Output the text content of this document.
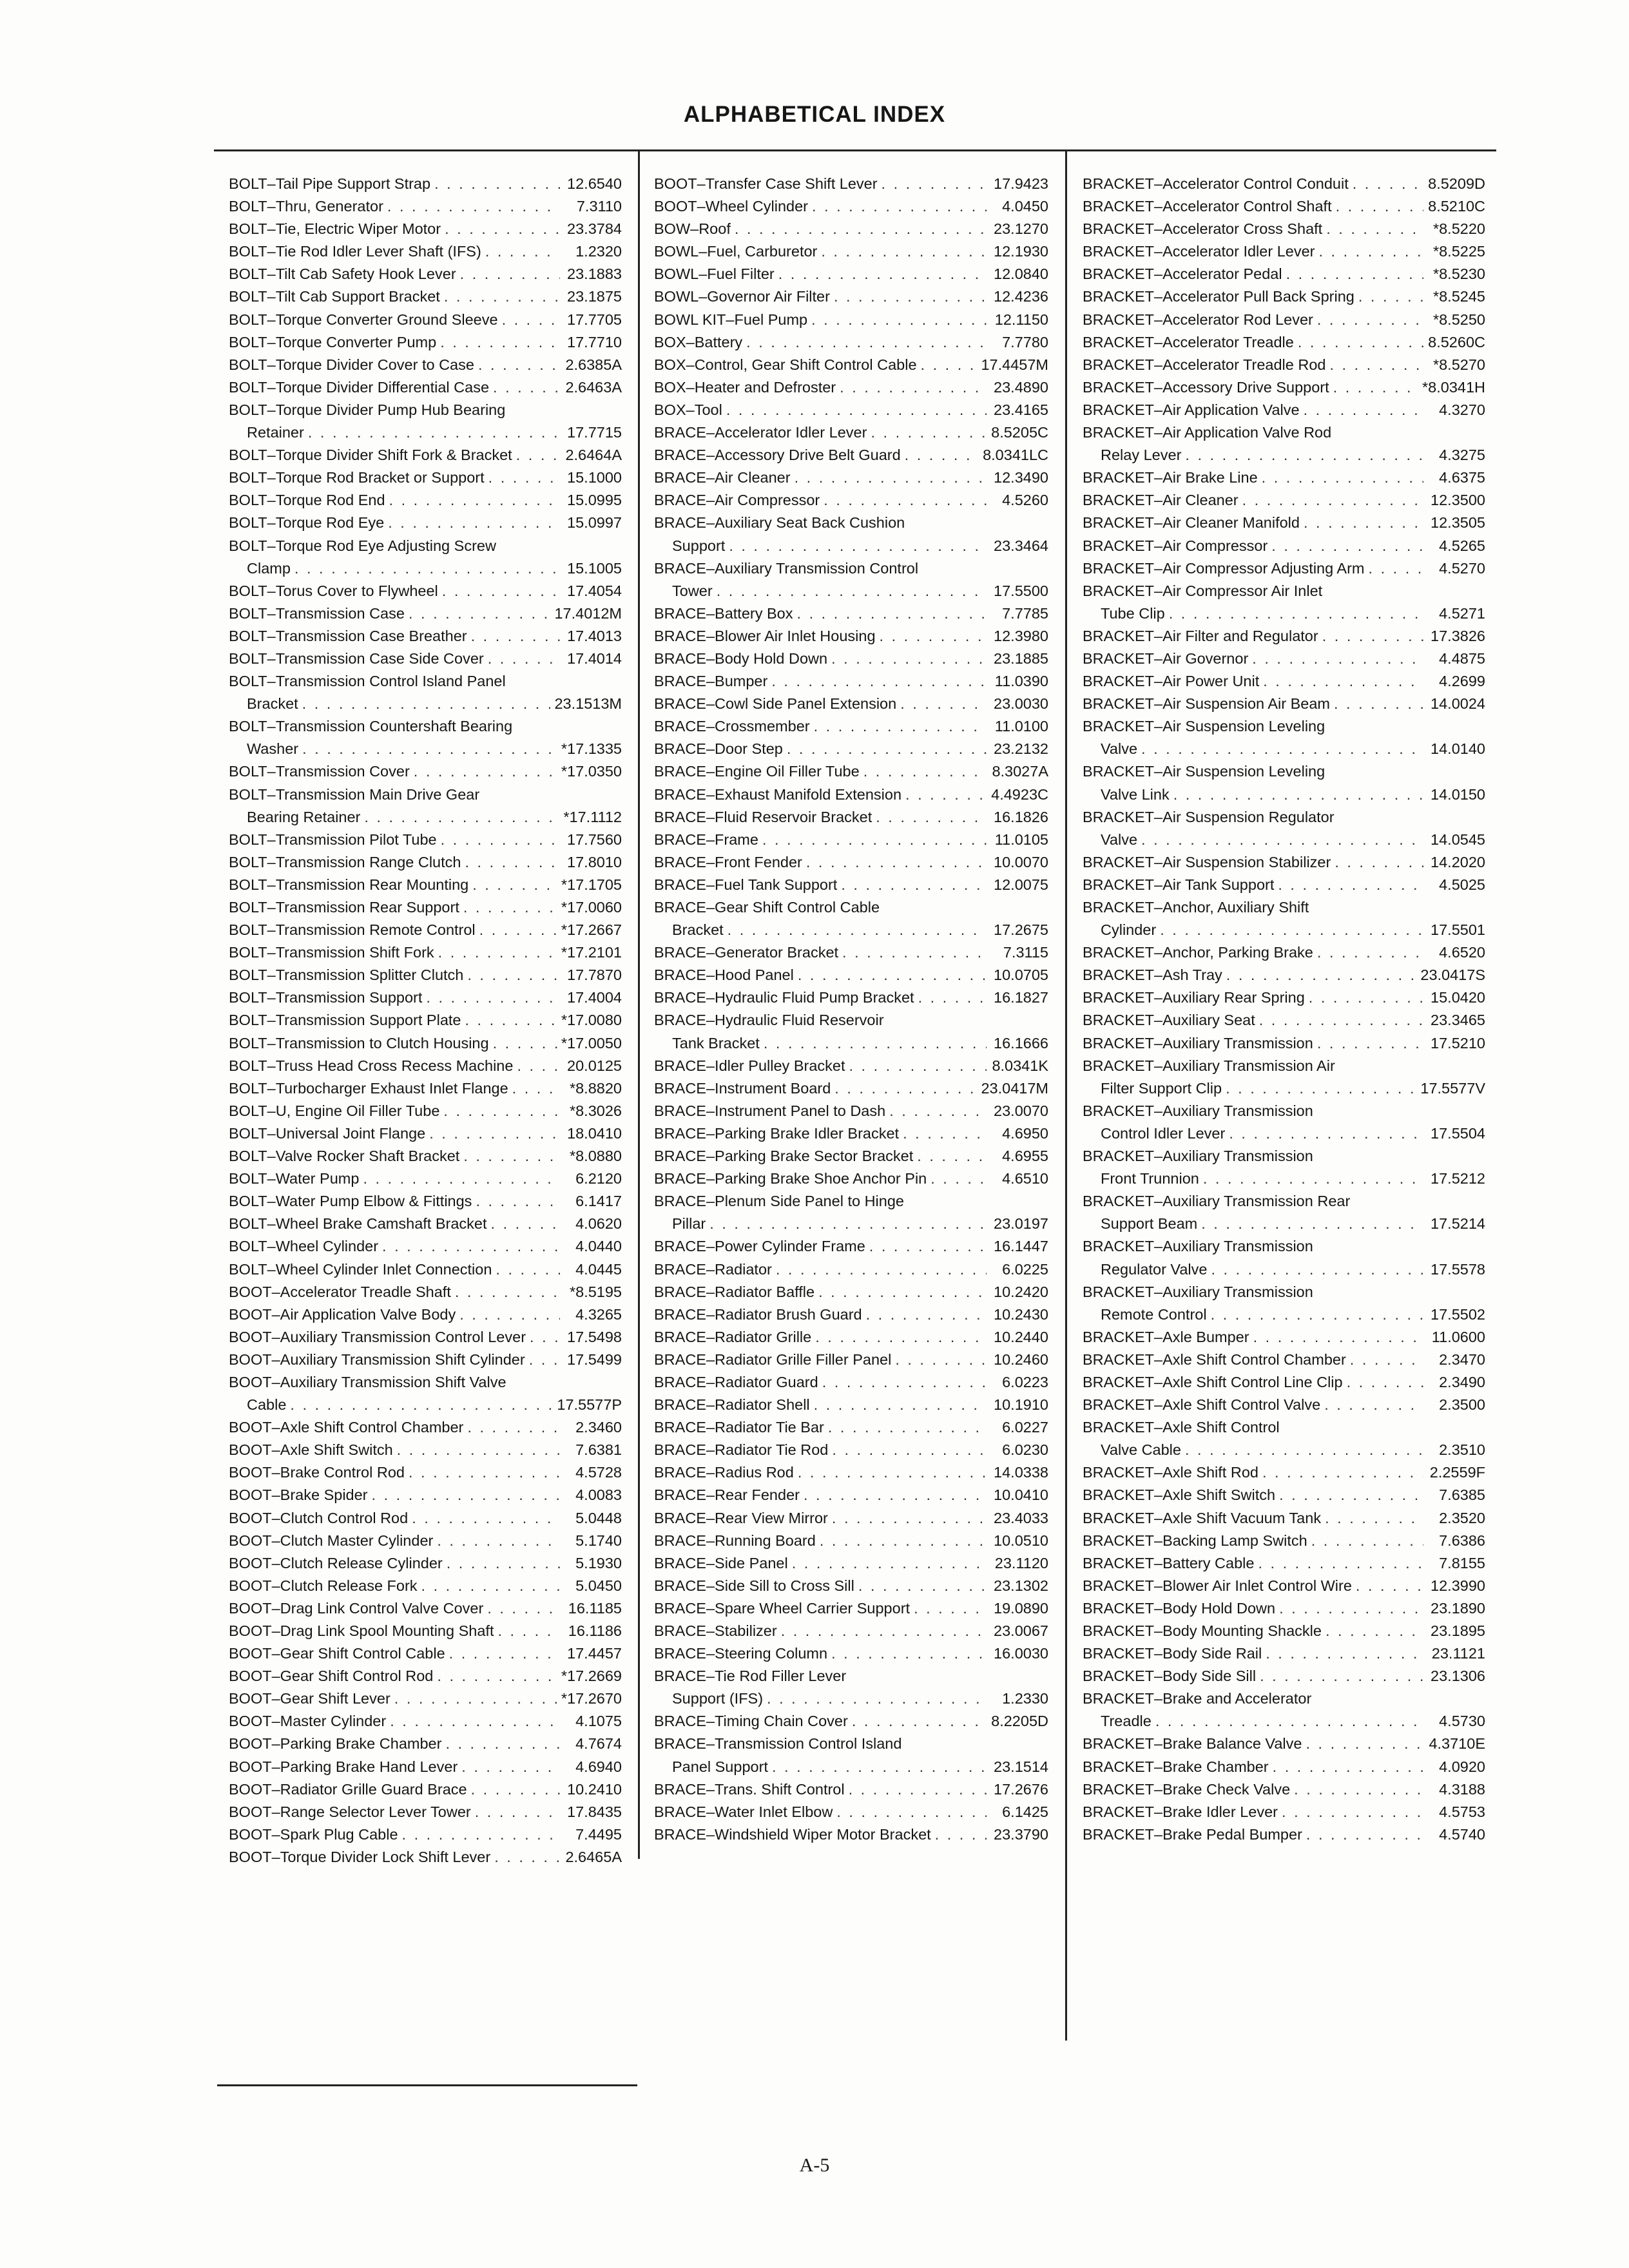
ALPHABETICAL INDEX
BOLT–Tail Pipe Support Strap . . .	12.6540
BOLT–Thru, Generator . . .	7.3110
BOLT–Tie, Electric Wiper Motor . . .	23.3784
BOLT–Tie Rod Idler Lever Shaft (IFS) . . .	1.2320
BOLT–Tilt Cab Safety Hook Lever . . .	23.1883
BOLT–Tilt Cab Support Bracket . . .	23.1875
BOLT–Torque Converter Ground Sleeve . . .	17.7705
BOLT–Torque Converter Pump . . .	17.7710
BOLT–Torque Divider Cover to Case . . .	2.6385A
BOLT–Torque Divider Differential Case . . .	2.6463A
BOLT–Torque Divider Pump Hub Bearing
Retainer . . .	17.7715
BOLT–Torque Divider Shift Fork & Bracket . . .	2.6464A
BOLT–Torque Rod Bracket or Support . . .	15.1000
BOLT–Torque Rod End . . .	15.0995
BOLT–Torque Rod Eye . . .	15.0997
BOLT–Torque Rod Eye Adjusting Screw
Clamp . . .	15.1005
BOLT–Torus Cover to Flywheel . . .	17.4054
BOLT–Transmission Case . . .	17.4012M
BOLT–Transmission Case Breather . . .	17.4013
BOLT–Transmission Case Side Cover . . .	17.4014
BOLT–Transmission Control Island Panel
Bracket . . .	23.1513M
BOLT–Transmission Countershaft Bearing
Washer . . .	*17.1335
BOLT–Transmission Cover . . .	*17.0350
BOLT–Transmission Main Drive Gear
Bearing Retainer . . .	*17.1112
BOLT–Transmission Pilot Tube . . .	17.7560
BOLT–Transmission Range Clutch . . .	17.8010
BOLT–Transmission Rear Mounting . . .	*17.1705
BOLT–Transmission Rear Support . . .	*17.0060
BOLT–Transmission Remote Control . . .	*17.2667
BOLT–Transmission Shift Fork . . .	*17.2101
BOLT–Transmission Splitter Clutch . . .	17.7870
BOLT–Transmission Support . . .	17.4004
BOLT–Transmission Support Plate . . .	*17.0080
BOLT–Transmission to Clutch Housing . . .	*17.0050
BOLT–Truss Head Cross Recess Machine . . .	20.0125
BOLT–Turbocharger Exhaust Inlet Flange . . .	*8.8820
BOLT–U, Engine Oil Filler Tube . . .	*8.3026
BOLT–Universal Joint Flange . . .	18.0410
BOLT–Valve Rocker Shaft Bracket . . .	*8.0880
BOLT–Water Pump . . .	6.2120
BOLT–Water Pump Elbow & Fittings . . .	6.1417
BOLT–Wheel Brake Camshaft Bracket . . .	4.0620
BOLT–Wheel Cylinder . . .	4.0440
BOLT–Wheel Cylinder Inlet Connection . . .	4.0445
BOOT–Accelerator Treadle Shaft . . .	*8.5195
BOOT–Air Application Valve Body . . .	4.3265
BOOT–Auxiliary Transmission Control Lever . . .	17.5498
BOOT–Auxiliary Transmission Shift Cylinder . . .	17.5499
BOOT–Auxiliary Transmission Shift Valve
Cable . . .	17.5577P
BOOT–Axle Shift Control Chamber . . .	2.3460
BOOT–Axle Shift Switch . . .	7.6381
BOOT–Brake Control Rod . . .	4.5728
BOOT–Brake Spider . . .	4.0083
BOOT–Clutch Control Rod . . .	5.0448
BOOT–Clutch Master Cylinder . . .	5.1740
BOOT–Clutch Release Cylinder . . .	5.1930
BOOT–Clutch Release Fork . . .	5.0450
BOOT–Drag Link Control Valve Cover . . .	16.1185
BOOT–Drag Link Spool Mounting Shaft . . .	16.1186
BOOT–Gear Shift Control Cable . . .	17.4457
BOOT–Gear Shift Control Rod . . .	*17.2669
BOOT–Gear Shift Lever . . .	*17.2670
BOOT–Master Cylinder . . .	4.1075
BOOT–Parking Brake Chamber . . .	4.7674
BOOT–Parking Brake Hand Lever . . .	4.6940
BOOT–Radiator Grille Guard Brace . . .	10.2410
BOOT–Range Selector Lever Tower . . .	17.8435
BOOT–Spark Plug Cable . . .	7.4495
BOOT–Torque Divider Lock Shift Lever . . .	2.6465A
BOOT–Transfer Case Shift Lever . . .	17.9423
BOOT–Wheel Cylinder . . .	4.0450
BOW–Roof . . .	23.1270
BOWL–Fuel, Carburetor . . .	12.1930
BOWL–Fuel Filter . . .	12.0840
BOWL–Governor Air Filter . . .	12.4236
BOWL KIT–Fuel Pump . . .	12.1150
BOX–Battery . . .	7.7780
BOX–Control, Gear Shift Control Cable . . .	17.4457M
BOX–Heater and Defroster . . .	23.4890
BOX–Tool . . .	23.4165
BRACE–Accelerator Idler Lever . . .	8.5205C
BRACE–Accessory Drive Belt Guard . . .	8.0341LC
BRACE–Air Cleaner . . .	12.3490
BRACE–Air Compressor . . .	4.5260
BRACE–Auxiliary Seat Back Cushion
Support . . .	23.3464
BRACE–Auxiliary Transmission Control
Tower . . .	17.5500
BRACE–Battery Box . . .	7.7785
BRACE–Blower Air Inlet Housing . . .	12.3980
BRACE–Body Hold Down . . .	23.1885
BRACE–Bumper . . .	11.0390
BRACE–Cowl Side Panel Extension . . .	23.0030
BRACE–Crossmember . . .	11.0100
BRACE–Door Step . . .	23.2132
BRACE–Engine Oil Filler Tube . . .	8.3027A
BRACE–Exhaust Manifold Extension . . .	4.4923C
BRACE–Fluid Reservoir Bracket . . .	16.1826
BRACE–Frame . . .	11.0105
BRACE–Front Fender . . .	10.0070
BRACE–Fuel Tank Support . . .	12.0075
BRACE–Gear Shift Control Cable
Bracket . . .	17.2675
BRACE–Generator Bracket . . .	7.3115
BRACE–Hood Panel . . .	10.0705
BRACE–Hydraulic Fluid Pump Bracket . . .	16.1827
BRACE–Hydraulic Fluid Reservoir
Tank Bracket . . .	16.1666
BRACE–Idler Pulley Bracket . . .	8.0341K
BRACE–Instrument Board . . .	23.0417M
BRACE–Instrument Panel to Dash . . .	23.0070
BRACE–Parking Brake Idler Bracket . . .	4.6950
BRACE–Parking Brake Sector Bracket . . .	4.6955
BRACE–Parking Brake Shoe Anchor Pin . . .	4.6510
BRACE–Plenum Side Panel to Hinge
Pillar . . .	23.0197
BRACE–Power Cylinder Frame . . .	16.1447
BRACE–Radiator . . .	6.0225
BRACE–Radiator Baffle . . .	10.2420
BRACE–Radiator Brush Guard . . .	10.2430
BRACE–Radiator Grille . . .	10.2440
BRACE–Radiator Grille Filler Panel . . .	10.2460
BRACE–Radiator Guard . . .	6.0223
BRACE–Radiator Shell . . .	10.1910
BRACE–Radiator Tie Bar . . .	6.0227
BRACE–Radiator Tie Rod . . .	6.0230
BRACE–Radius Rod . . .	14.0338
BRACE–Rear Fender . . .	10.0410
BRACE–Rear View Mirror . . .	23.4033
BRACE–Running Board . . .	10.0510
BRACE–Side Panel . . .	23.1120
BRACE–Side Sill to Cross Sill . . .	23.1302
BRACE–Spare Wheel Carrier Support . . .	19.0890
BRACE–Stabilizer . . .	23.0067
BRACE–Steering Column . . .	16.0030
BRACE–Tie Rod Filler Lever
Support (IFS) . . .	1.2330
BRACE–Timing Chain Cover . . .	8.2205D
BRACE–Transmission Control Island
Panel Support . . .	23.1514
BRACE–Trans. Shift Control . . .	17.2676
BRACE–Water Inlet Elbow . . .	6.1425
BRACE–Windshield Wiper Motor Bracket . . .	23.3790
BRACKET–Accelerator Control Conduit . . .	8.5209D
BRACKET–Accelerator Control Shaft . . .	8.5210C
BRACKET–Accelerator Cross Shaft . . .	*8.5220
BRACKET–Accelerator Idler Lever . . .	*8.5225
BRACKET–Accelerator Pedal . . .	*8.5230
BRACKET–Accelerator Pull Back Spring . . .	*8.5245
BRACKET–Accelerator Rod Lever . . .	*8.5250
BRACKET–Accelerator Treadle . . .	8.5260C
BRACKET–Accelerator Treadle Rod . . .	*8.5270
BRACKET–Accessory Drive Support . . .	*8.0341H
BRACKET–Air Application Valve . . .	4.3270
BRACKET–Air Application Valve Rod
Relay Lever . . .	4.3275
BRACKET–Air Brake Line . . .	4.6375
BRACKET–Air Cleaner . . .	12.3500
BRACKET–Air Cleaner Manifold . . .	12.3505
BRACKET–Air Compressor . . .	4.5265
BRACKET–Air Compressor Adjusting Arm . . .	4.5270
BRACKET–Air Compressor Air Inlet
Tube Clip . . .	4.5271
BRACKET–Air Filter and Regulator . . .	17.3826
BRACKET–Air Governor . . .	4.4875
BRACKET–Air Power Unit . . .	4.2699
BRACKET–Air Suspension Air Beam . . .	14.0024
BRACKET–Air Suspension Leveling
Valve . . .	14.0140
BRACKET–Air Suspension Leveling
Valve Link . . .	14.0150
BRACKET–Air Suspension Regulator
Valve . . .	14.0545
BRACKET–Air Suspension Stabilizer . . .	14.2020
BRACKET–Air Tank Support . . .	4.5025
BRACKET–Anchor, Auxiliary Shift
Cylinder . . .	17.5501
BRACKET–Anchor, Parking Brake . . .	4.6520
BRACKET–Ash Tray . . .	23.0417S
BRACKET–Auxiliary Rear Spring . . .	15.0420
BRACKET–Auxiliary Seat . . .	23.3465
BRACKET–Auxiliary Transmission . . .	17.5210
BRACKET–Auxiliary Transmission Air
Filter Support Clip . . .	17.5577V
BRACKET–Auxiliary Transmission
Control Idler Lever . . .	17.5504
BRACKET–Auxiliary Transmission
Front Trunnion . . .	17.5212
BRACKET–Auxiliary Transmission Rear
Support Beam . . .	17.5214
BRACKET–Auxiliary Transmission
Regulator Valve . . .	17.5578
BRACKET–Auxiliary Transmission
Remote Control . . .	17.5502
BRACKET–Axle Bumper . . .	11.0600
BRACKET–Axle Shift Control Chamber . . .	2.3470
BRACKET–Axle Shift Control Line Clip . . .	2.3490
BRACKET–Axle Shift Control Valve . . .	2.3500
BRACKET–Axle Shift Control
Valve Cable . . .	2.3510
BRACKET–Axle Shift Rod . . .	2.2559F
BRACKET–Axle Shift Switch . . .	7.6385
BRACKET–Axle Shift Vacuum Tank . . .	2.3520
BRACKET–Backing Lamp Switch . . .	7.6386
BRACKET–Battery Cable . . .	7.8155
BRACKET–Blower Air Inlet Control Wire . . .	12.3990
BRACKET–Body Hold Down . . .	23.1890
BRACKET–Body Mounting Shackle . . .	23.1895
BRACKET–Body Side Rail . . .	23.1121
BRACKET–Body Side Sill . . .	23.1306
BRACKET–Brake and Accelerator
Treadle . . .	4.5730
BRACKET–Brake Balance Valve . . .	4.3710E
BRACKET–Brake Chamber . . .	4.0920
BRACKET–Brake Check Valve . . .	4.3188
BRACKET–Brake Idler Lever . . .	4.5753
BRACKET–Brake Pedal Bumper . . .	4.5740
A-5
